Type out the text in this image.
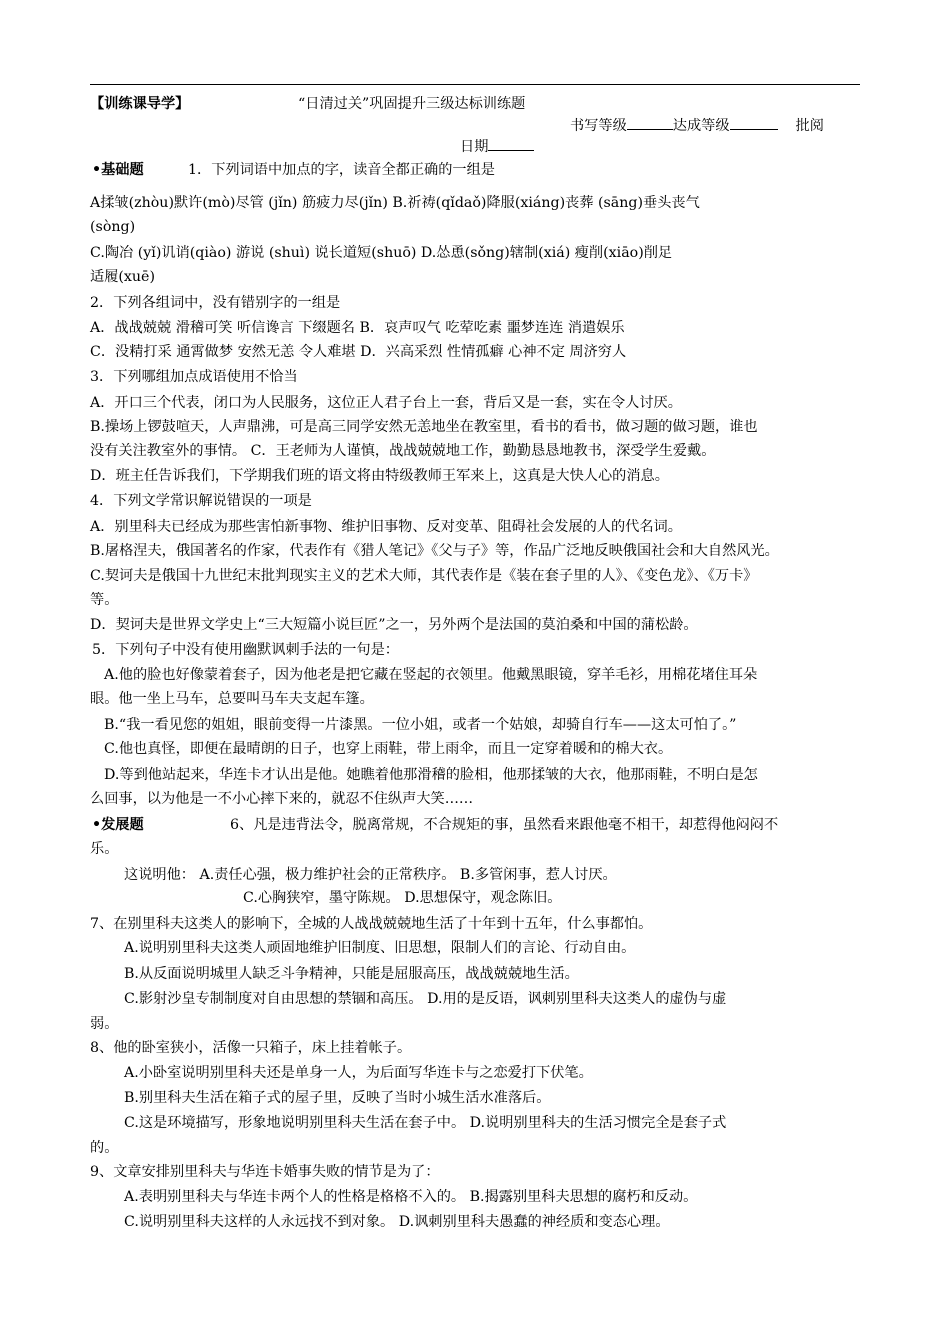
【训练课导学】	“日清过关”巩固提升三级达标训练题
书写等级	达成等级	批阅
日期
•基础题	1．下列词语中加点的字，读音全都正确的一组是
A揉皱(zhòu)默许(mò)尽管 (jǐn) 筋疲力尽(jǐn) B.祈祷(qǐdaǒ)降服(xiáng)丧葬 (sāng)垂头丧气
(sòng)
C.陶冶 (yǐ)讥诮(qiào) 游说 (shuì) 说长道短(shuō) D.怂恿(sǒng)辖制(xiá) 瘦削(xiāo)削足
适履(xuē)
2．下列各组词中，没有错别字的一组是
A．战战兢兢 滑稽可笑 听信谗言 下缀题名 B．哀声叹气 吃荤吃素 噩梦连连 消遣娱乐
C．没精打采 通霄做梦 安然无恙 令人难堪 D．兴高采烈 性情孤癖 心神不定 周济穷人
3．下列哪组加点成语使用不恰当
A．开口三个代表，闭口为人民服务，这位正人君子台上一套，背后又是一套，实在令人讨厌。
B.操场上锣鼓喧天，人声鼎沸，可是高三同学安然无恙地坐在教室里，看书的看书，做习题的做习题，谁也
没有关注教室外的事情。 C．王老师为人谨慎，战战兢兢地工作，勤勤恳恳地教书，深受学生爱戴。
D．班主任告诉我们，下学期我们班的语文将由特级教师王军来上，这真是大快人心的消息。
4．下列文学常识解说错误的一项是
A．别里科夫已经成为那些害怕新事物、维护旧事物、反对变革、阻碍社会发展的人的代名词。
B.屠格涅夫，俄国著名的作家，代表作有《猎人笔记》《父与子》等，作品广泛地反映俄国社会和大自然风光。
C.契诃夫是俄国十九世纪末批判现实主义的艺术大师，其代表作是《装在套子里的人》、《变色龙》、《万卡》
等。
D．契诃夫是世界文学史上“三大短篇小说巨匠”之一，另外两个是法国的莫泊桑和中国的蒲松龄。
5．下列句子中没有使用幽默讽刺手法的一句是：
A.他的脸也好像蒙着套子，因为他老是把它藏在竖起的衣领里。他戴黑眼镜，穿羊毛衫，用棉花堵住耳朵
眼。他一坐上马车，总要叫马车夫支起车篷。
B.“我一看见您的姐姐，眼前变得一片漆黑。一位小姐，或者一个姑娘，却骑自行车——这太可怕了。”
C.他也真怪，即便在最晴朗的日子，也穿上雨鞋，带上雨伞，而且一定穿着暖和的棉大衣。
D.等到他站起来，华连卡才认出是他。她瞧着他那滑稽的脸相，他那揉皱的大衣，他那雨鞋，不明白是怎
么回事，以为他是一不小心摔下来的，就忍不住纵声大笑……
•发展题	6、凡是违背法令，脱离常规，不合规矩的事，虽然看来跟他毫不相干，却惹得他闷闷不
乐。
这说明他： A.责任心强，极力维护社会的正常秩序。 B.多管闲事，惹人讨厌。
C.心胸狭窄，墨守陈规。 D.思想保守，观念陈旧。
7、在别里科夫这类人的影响下，全城的人战战兢兢地生活了十年到十五年，什么事都怕。
A.说明别里科夫这类人顽固地维护旧制度、旧思想，限制人们的言论、行动自由。
B.从反面说明城里人缺乏斗争精神，只能是屈服高压，战战兢兢地生活。
C.影射沙皇专制制度对自由思想的禁锢和高压。 D.用的是反语，讽刺别里科夫这类人的虚伪与虚
弱。
8、他的卧室狭小，活像一只箱子，床上挂着帐子。
A.小卧室说明别里科夫还是单身一人，为后面写华连卡与之恋爱打下伏笔。
B.别里科夫生活在箱子式的屋子里，反映了当时小城生活水准落后。
C.这是环境描写，形象地说明别里科夫生活在套子中。 D.说明别里科夫的生活习惯完全是套子式
的。
9、文章安排别里科夫与华连卡婚事失败的情节是为了：
A.表明别里科夫与华连卡两个人的性格是格格不入的。 B.揭露别里科夫思想的腐朽和反动。
C.说明别里科夫这样的人永远找不到对象。 D.讽刺别里科夫愚蠢的神经质和变态心理。
